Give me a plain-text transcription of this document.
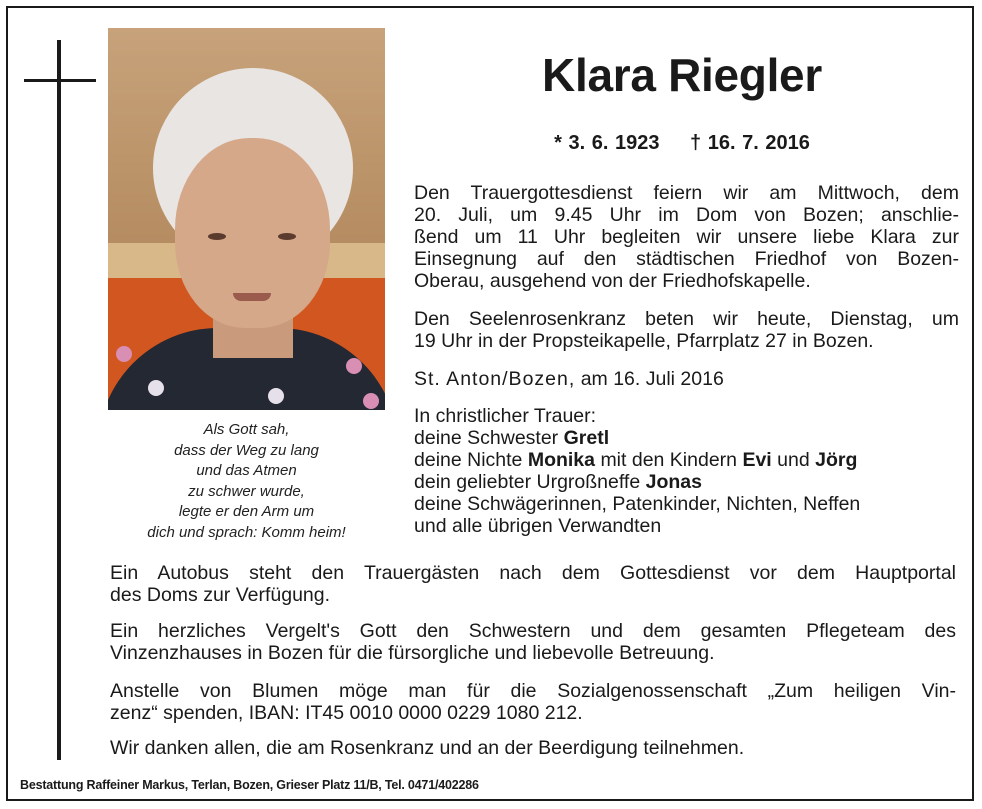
Als Gott sah,
dass der Weg zu lang
und das Atmen
zu schwer wurde,
legte er den Arm um
dich und sprach: Komm heim!
Klara Riegler
* 3. 6. 1923 † 16. 7. 2016
Den Trauergottesdienst feiern wir am Mittwoch, dem
20. Juli, um 9.45 Uhr im Dom von Bozen; anschlie-
ßend um 11 Uhr begleiten wir unsere liebe Klara zur
Einsegnung auf den städtischen Friedhof von Bozen-
Oberau, ausgehend von der Friedhofskapelle.
Den Seelenrosenkranz beten wir heute, Dienstag, um
19 Uhr in der Propsteikapelle, Pfarrplatz 27 in Bozen.
St. Anton/Bozen, am 16. Juli 2016
In christlicher Trauer:
deine Schwester Gretl
deine Nichte Monika mit den Kindern Evi und Jörg
dein geliebter Urgroßneffe Jonas
deine Schwägerinnen, Patenkinder, Nichten, Neffen
und alle übrigen Verwandten
Ein Autobus steht den Trauergästen nach dem Gottesdienst vor dem Hauptportal
des Doms zur Verfügung.
Ein herzliches Vergelt's Gott den Schwestern und dem gesamten Pflegeteam des
Vinzenzhauses in Bozen für die fürsorgliche und liebevolle Betreuung.
Anstelle von Blumen möge man für die Sozialgenossenschaft „Zum heiligen Vin-
zenz“ spenden, IBAN: IT45 0010 0000 0229 1080 212.
Wir danken allen, die am Rosenkranz und an der Beerdigung teilnehmen.
Bestattung Raffeiner Markus, Terlan, Bozen, Grieser Platz 11/B, Tel. 0471/402286
